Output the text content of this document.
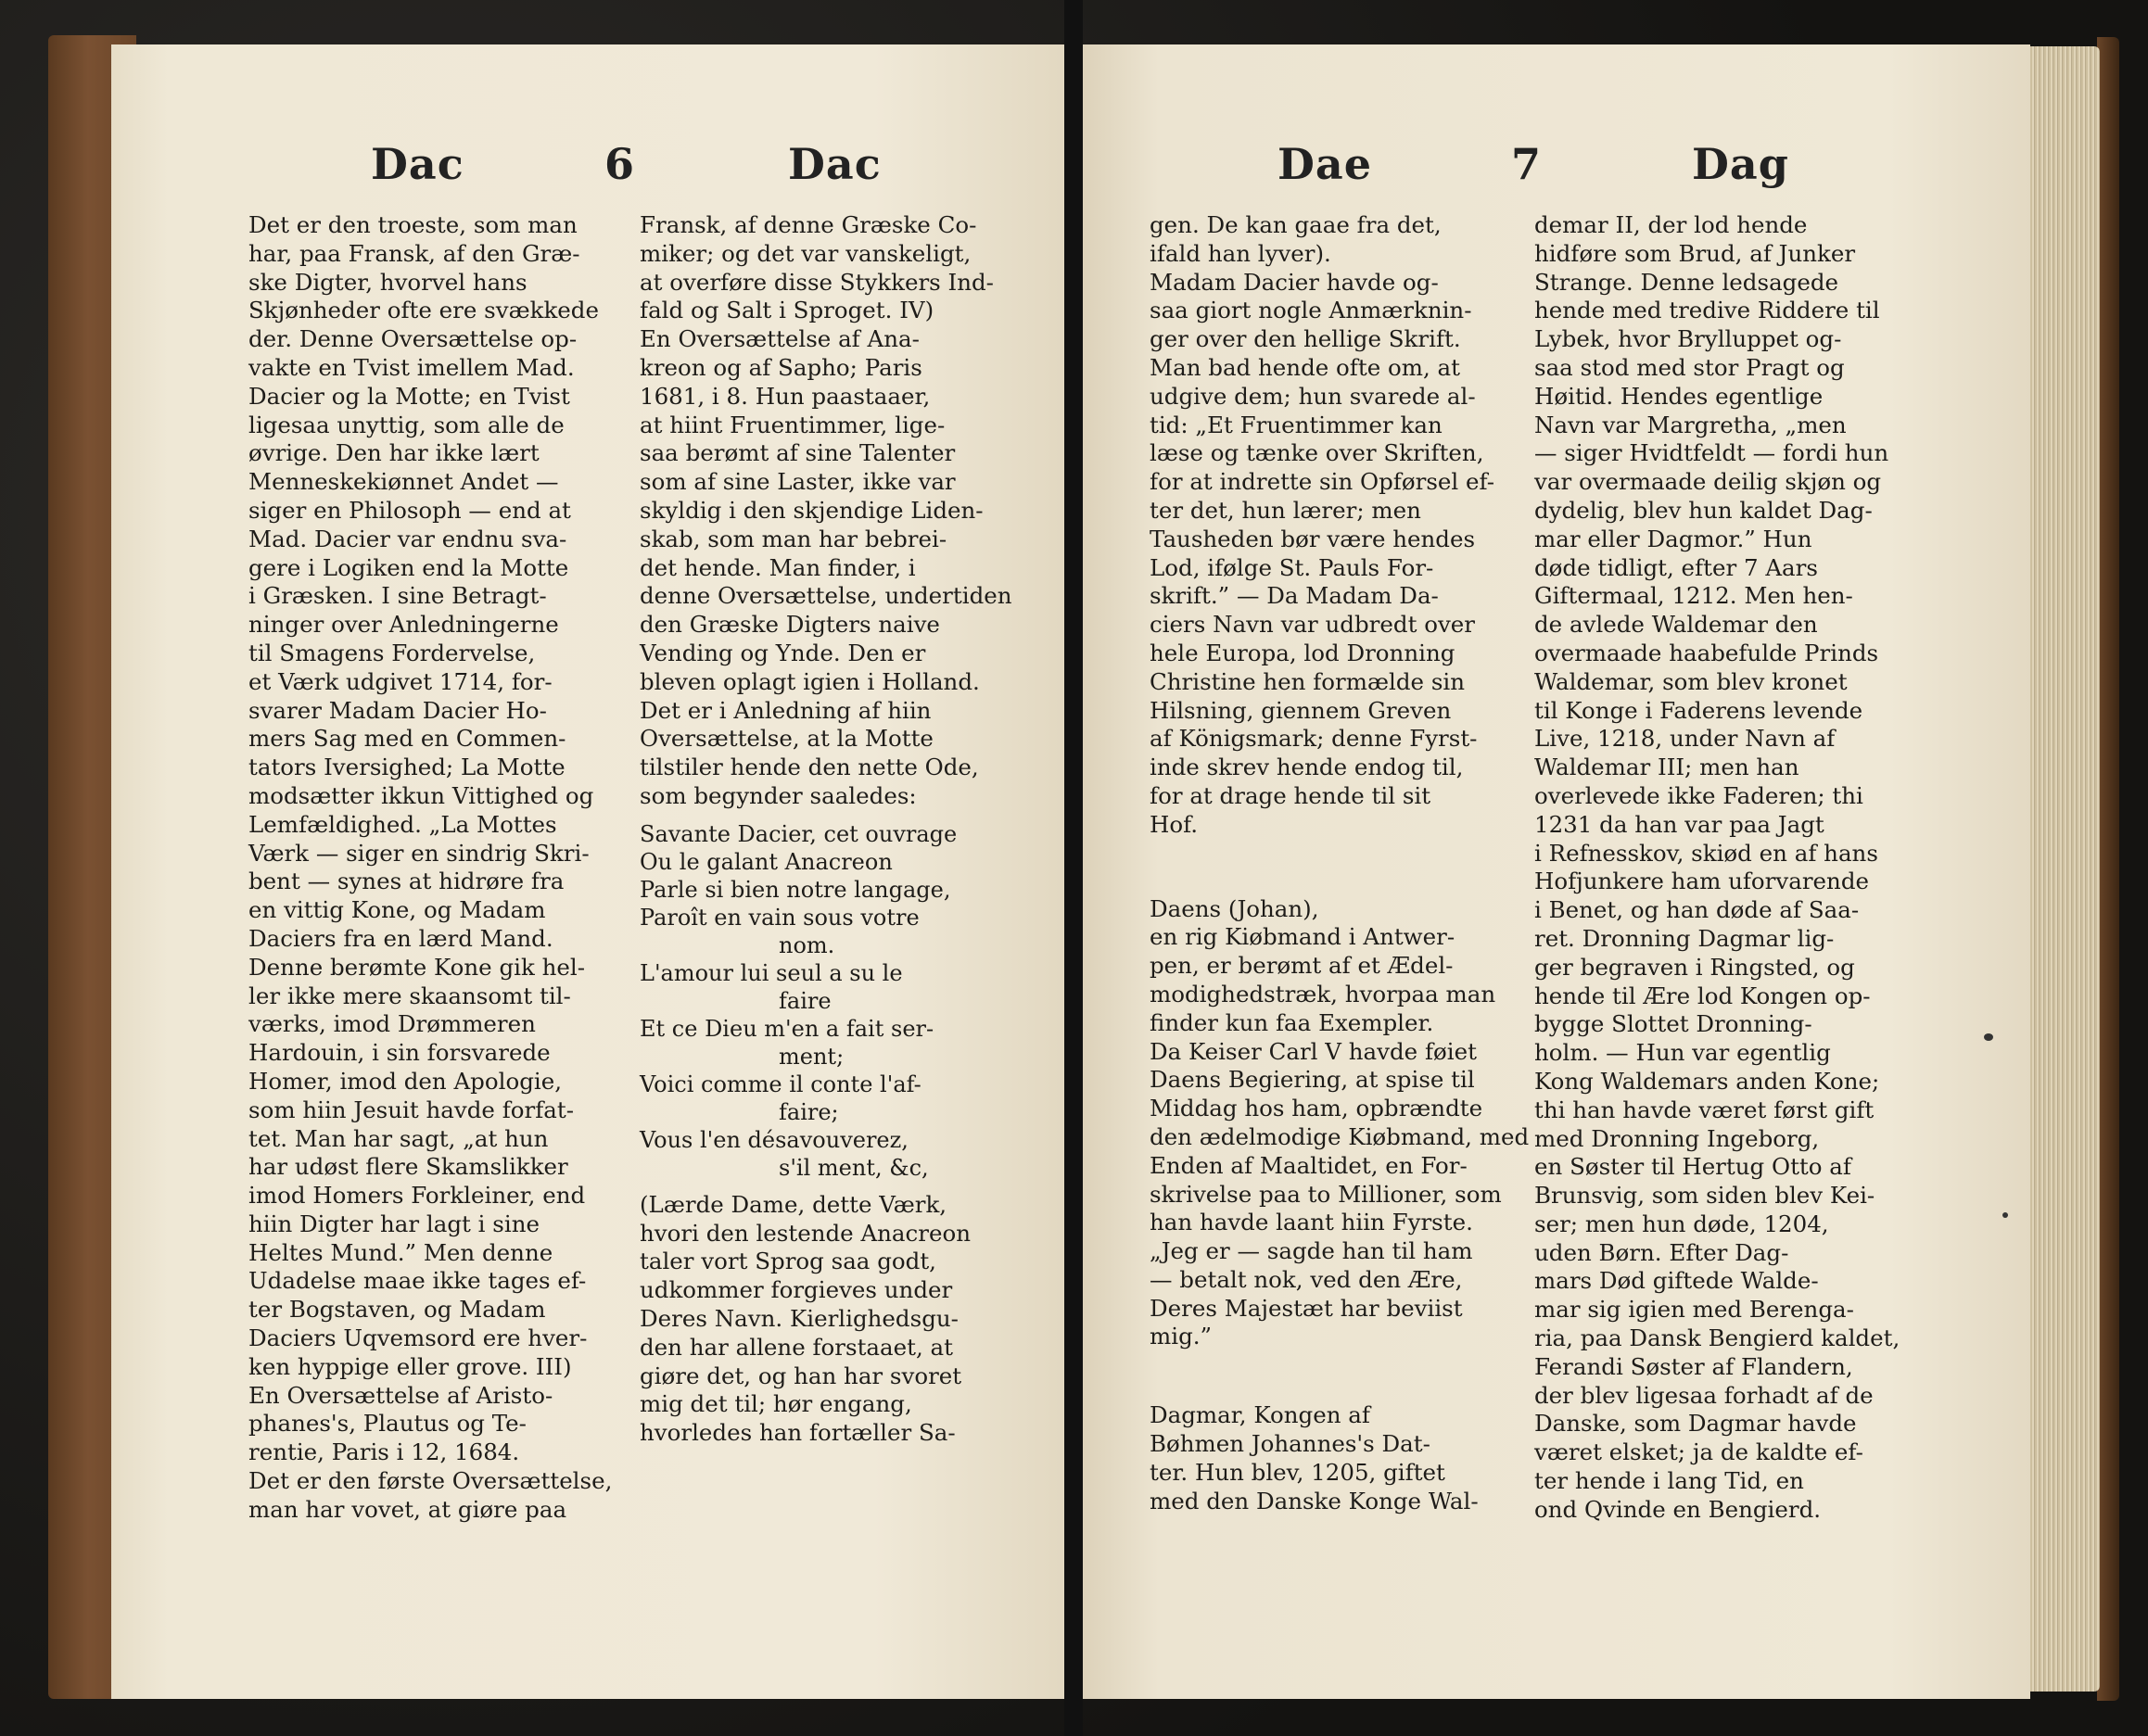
Dac	6	Dac	Dae	7	Dag

Det er den troeste, som man
har, paa Fransk, af den Græ-
ske Digter, hvorvel hans
Skjønheder ofte ere svækkede
der. Denne Oversættelse op-
vakte en Tvist imellem Mad.
Dacier og la Motte; en Tvist
ligesaa unyttig, som alle de
øvrige. Den har ikke lært
Menneskekiønnet Andet —
siger en Philosoph — end at
Mad. Dacier var endnu sva-
gere i Logiken end la Motte
i Græsken. I sine Betragt-
ninger over Anledningerne
til Smagens Fordervelse,
et Værk udgivet 1714, for-
svarer Madam Dacier Ho-
mers Sag med en Commen-
tators Iversighed; La Motte
modsætter ikkun Vittighed og
Lemfældighed. „La Mottes
Værk — siger en sindrig Skri-
bent — synes at hidrøre fra
en vittig Kone, og Madam
Daciers fra en lærd Mand.
Denne berømte Kone gik hel-
ler ikke mere skaansomt til-
værks, imod Drømmeren
Hardouin, i sin forsvarede
Homer, imod den Apologie,
som hiin Jesuit havde forfat-
tet. Man har sagt, „at hun
har udøst flere Skamslikker
imod Homers Forkleiner, end
hiin Digter har lagt i sine
Heltes Mund.” Men denne
Udadelse maae ikke tages ef-
ter Bogstaven, og Madam
Daciers Uqvemsord ere hver-
ken hyppige eller grove. III)
En Oversættelse af Aristo-
phanes's, Plautus og Te-
rentie, Paris i 12, 1684.
Det er den første Oversættelse,
man har vovet, at giøre paa

Fransk, af denne Græske Co-
miker; og det var vanskeligt,
at overføre disse Stykkers Ind-
fald og Salt i Sproget. IV)
En Oversættelse af Ana-
kreon og af Sapho; Paris
1681, i 8. Hun paastaaer,
at hiint Fruentimmer, lige-
saa berømt af sine Talenter
som af sine Laster, ikke var
skyldig i den skjendige Liden-
skab, som man har bebrei-
det hende. Man finder, i
denne Oversættelse, undertiden
den Græske Digters naive
Vending og Ynde. Den er
bleven oplagt igien i Holland.
Det er i Anledning af hiin
Oversættelse, at la Motte
tilstiler hende den nette Ode,
som begynder saaledes:

Savante Dacier, cet ouvrage

Ou le galant Anacreon

Parle si bien notre langage,

Paroît en vain sous votre

nom.

L'amour lui seul a su le

faire

Et ce Dieu m'en a fait ser-

ment;

Voici comme il conte l'af-

faire;

Vous l'en désavouverez,

s'il ment, &c,

(Lærde Dame, dette Værk,
hvori den lestende Anacreon
taler vort Sprog saa godt,
udkommer forgieves under
Deres Navn. Kierlighedsgu-
den har allene forstaaet, at
giøre det, og han har svoret
mig det til; hør engang,
hvorledes han fortæller Sa-

gen. De kan gaae fra det,
ifald han lyver).
Madam Dacier havde og-
saa giort nogle Anmærknin-
ger over den hellige Skrift.
Man bad hende ofte om, at
udgive dem; hun svarede al-
tid: „Et Fruentimmer kan
læse og tænke over Skriften,
for at indrette sin Opførsel ef-
ter det, hun lærer; men
Tausheden bør være hendes
Lod, ifølge St. Pauls For-
skrift.” — Da Madam Da-
ciers Navn var udbredt over
hele Europa, lod Dronning
Christine hen formælde sin
Hilsning, giennem Greven
af Königsmark; denne Fyrst-
inde skrev hende endog til,
for at drage hende til sit
Hof.

Daens (Johan),
en rig Kiøbmand i Antwer-
pen, er berømt af et Ædel-
modighedstræk, hvorpaa man
finder kun faa Exempler.
Da Keiser Carl V havde føiet
Daens Begiering, at spise til
Middag hos ham, opbrændte
den ædelmodige Kiøbmand, med
Enden af Maaltidet, en For-
skrivelse paa to Millioner, som
han havde laant hiin Fyrste.
„Jeg er — sagde han til ham
— betalt nok, ved den Ære,
Deres Majestæt har beviist
mig.”

Dagmar, Kongen af
Bøhmen Johannes's Dat-
ter. Hun blev, 1205, giftet
med den Danske Konge Wal-

demar II, der lod hende
hidføre som Brud, af Junker
Strange. Denne ledsagede
hende med tredive Riddere til
Lybek, hvor Brylluppet og-
saa stod med stor Pragt og
Høitid. Hendes egentlige
Navn var Margretha, „men
— siger Hvidtfeldt — fordi hun
var overmaade deilig skjøn og
dydelig, blev hun kaldet Dag-
mar eller Dagmor.” Hun
døde tidligt, efter 7 Aars
Giftermaal, 1212. Men hen-
de avlede Waldemar den
overmaade haabefulde Prinds
Waldemar, som blev kronet
til Konge i Faderens levende
Live, 1218, under Navn af
Waldemar III; men han
overlevede ikke Faderen; thi
1231 da han var paa Jagt
i Refnesskov, skiød en af hans
Hofjunkere ham uforvarende
i Benet, og han døde af Saa-
ret. Dronning Dagmar lig-
ger begraven i Ringsted, og
hende til Ære lod Kongen op-
bygge Slottet Dronning-
holm. — Hun var egentlig
Kong Waldemars anden Kone;
thi han havde været først gift
med Dronning Ingeborg,
en Søster til Hertug Otto af
Brunsvig, som siden blev Kei-
ser; men hun døde, 1204,
uden Børn. Efter Dag-
mars Død giftede Walde-
mar sig igien med Berenga-
ria, paa Dansk Bengierd kaldet,
Ferandi Søster af Flandern,
der blev ligesaa forhadt af de
Danske, som Dagmar havde
været elsket; ja de kaldte ef-
ter hende i lang Tid, en
ond Qvinde en Bengierd.
